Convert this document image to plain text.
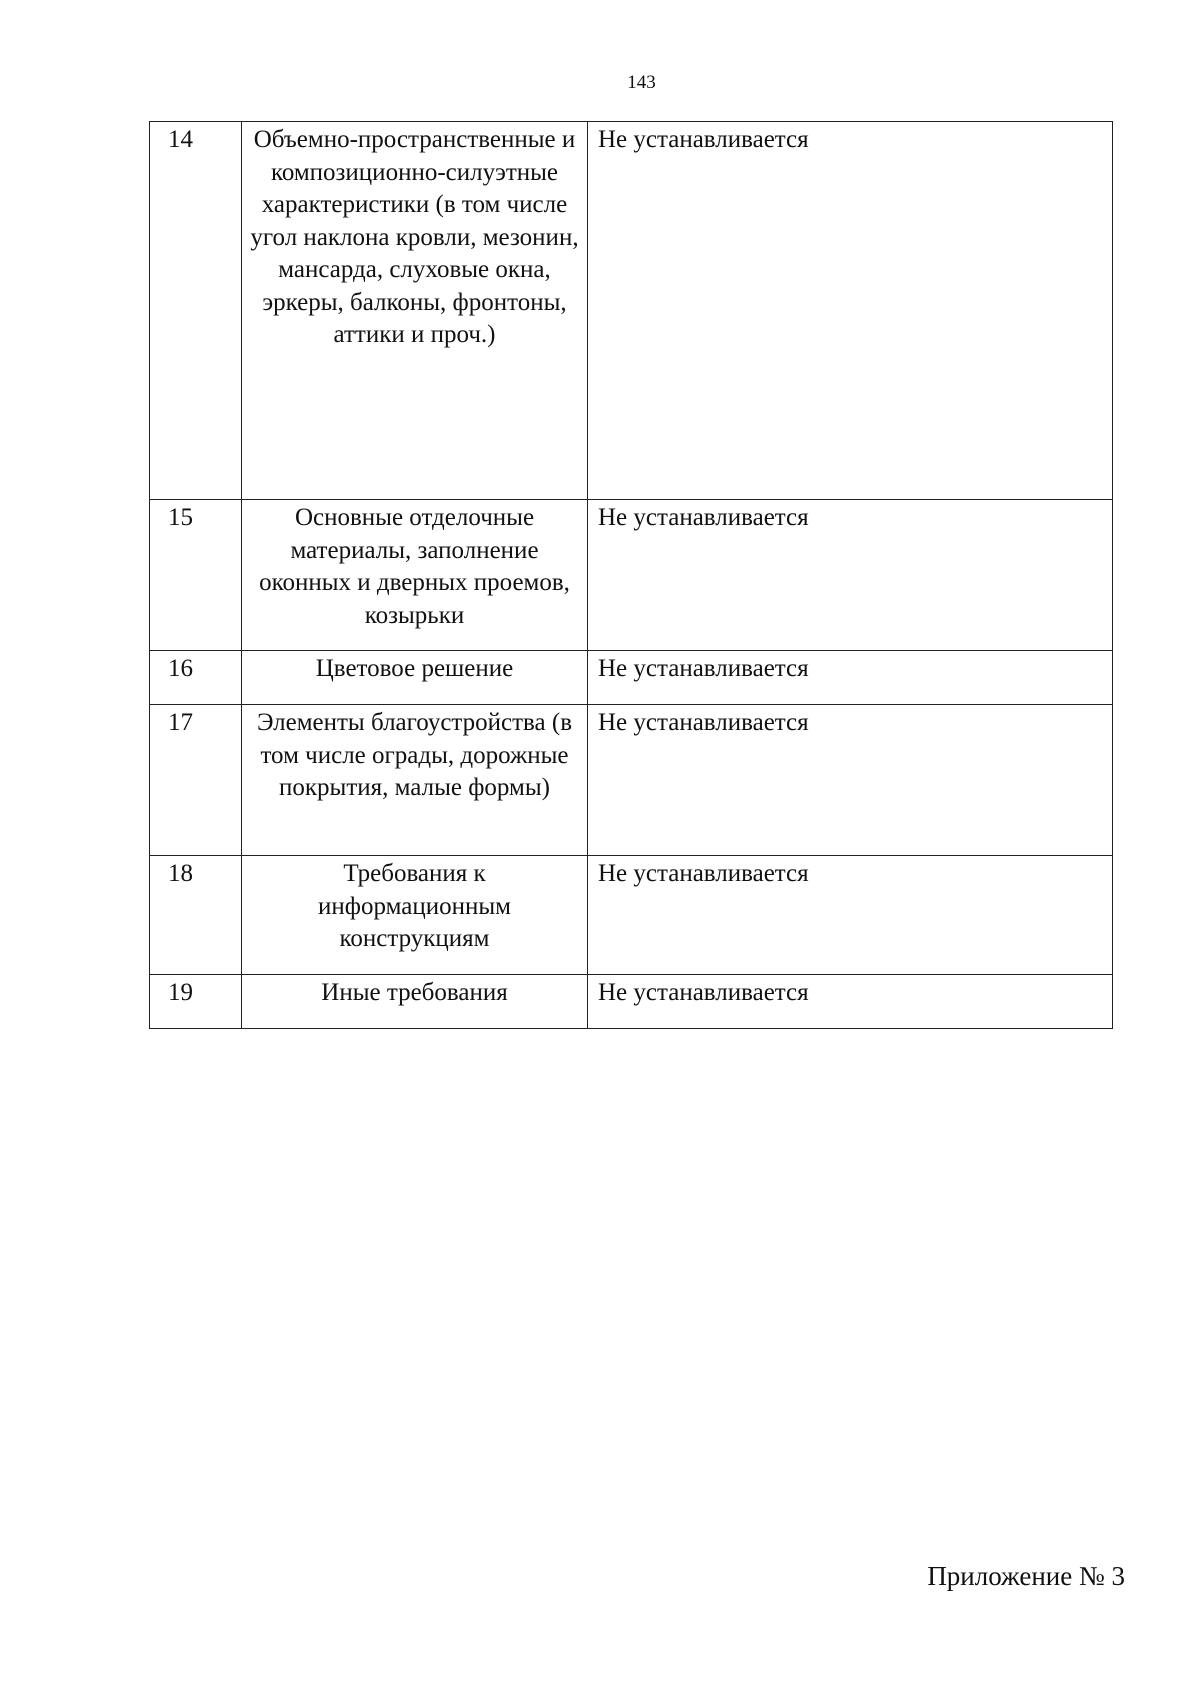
143
14	Объемно-пространственные и композиционно-силуэтные характеристики (в том числе угол наклона кровли, мезонин, мансарда, слуховые окна, эркеры, балконы, фронтоны, аттики и проч.)	Не устанавливается
15	Основные отделочные материалы, заполнение оконных и дверных проемов, козырьки	Не устанавливается
16	Цветовое решение	Не устанавливается
17	Элементы благоустройства (в том числе ограды, дорожные покрытия, малые формы)	Не устанавливается
18	Требования к информационным конструкциям	Не устанавливается
19	Иные требования	Не устанавливается
Приложение № 3
